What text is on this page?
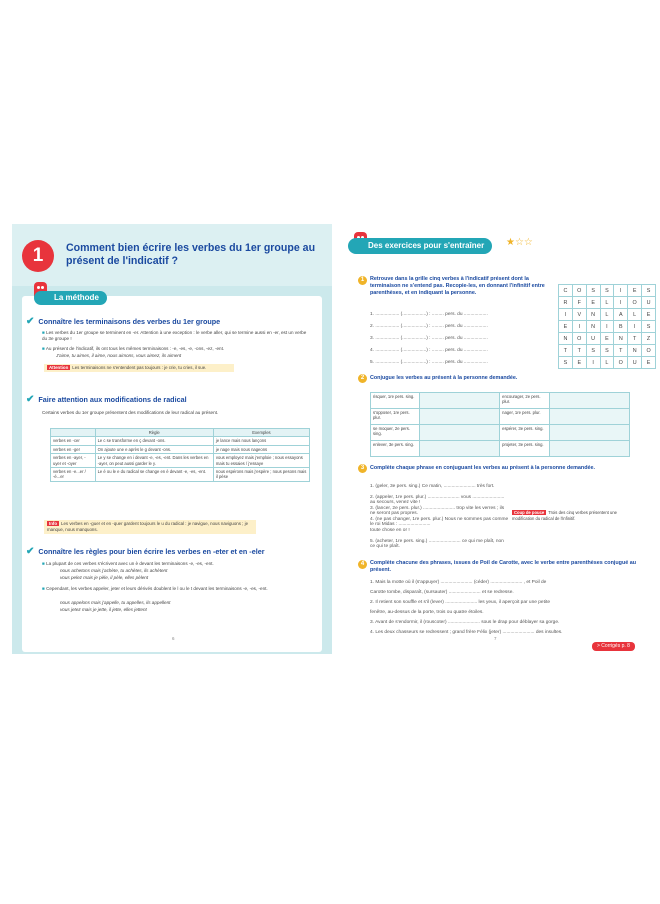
1	Comment bien écrire les verbes du 1er groupe au présent de l'indicatif ?
La méthode
✔ Connaître les terminaisons des verbes du 1er groupe
■ Les verbes du 1er groupe se terminent en -er. Attention à une exception : le verbe aller, qui se termine aussi en -er, est un verbe du 3e groupe !
■ Au présent de l'indicatif, ils ont tous les mêmes terminaisons : -e, -es, -e, -ons, -ez, -ent.
J'aime, tu aimes, il aime, nous aimons, vous aimez, ils aiment
Attention Les terminaisons ne s'entendent pas toujours : je crie, tu cries, il sue.
✔ Faire attention aux modifications de radical
Certains verbes du 1er groupe présentent des modifications de leur radical au présent.
	Règle	Exemples
verbes en -cer	Le c se transforme en ç devant -ons.	je lance mais nous lançons
verbes en -ger	On ajoute une e après le g devant -ons.	je nage mais nous nageons
verbes en -ayer, -uyer et -oyer	Le y se change en i devant -e, -es, -ent. Dans les verbes en -ayer, on peut aussi garder le y.	vous employez mais j'emploie ; nous essayons mais tu essaies / j'essaye
verbes en -e...er / -é...er	Le é ou le e du radical se change en è devant -e, -es, -ent.	nous espérons mais j'espère ; nous pesons mais il pèse
Info Les verbes en -guer et en -quer gardent toujours le u du radical : je navigue, nous naviguons ; je manque, nous manquons.
✔ Connaître les règles pour bien écrire les verbes en -eter et en -eler
■ La plupart de ces verbes s'écrivent avec un è devant les terminaisons -e, -es, -ent.
nous achetons mais j'achète, tu achètes, ils achètent
vous pelez mais je pèle, il pèle, elles pèlent
■ Cependant, les verbes appeler, jeter et leurs dérivés doublent le l ou le t devant les terminaisons -e, -es, -ent.
nous appelons mais j'appelle, tu appelles, ils appellent
vous jetez mais je jette, il jette, elles jettent
6
Des exercices pour s'entraîner	★☆☆
1	Retrouve dans la grille cinq verbes à l'indicatif présent dont la terminaison ne s'entend pas. Recopie-les, en donnant l'infinitif entre parenthèses, et en indiquant la personne.
1. .................. (..................) : ......... pers. du ..................
2. .................. (..................) : ......... pers. du ..................
3. .................. (..................) : ......... pers. du ..................
4. .................. (..................) : ......... pers. du ..................
5. .................. (..................) : ......... pers. du ..................
C	O	S	S	I	E	S
R	F	E	L	I	O	U
I	V	N	L	A	L	E
E	I	N	I	B	I	S
N	O	U	E	N	T	Z
T	T	S	S	T	N	O
S	E	I	L	O	U	E
2	Conjugue les verbes au présent à la personne demandée.
risquer, 1re pers. sing.		encourager, 2e pers. plur.	
s'opposer, 1re pers. plur.		nager, 1re pers. plur.	
se moquer, 2e pers. sing.		espérer, 3e pers. sing.	
enlever, 3e pers. sing.		projeter, 3e pers. sing.	
3	Complète chaque phrase en conjuguant les verbes au présent à la personne demandée.
1. (geler, 3e pers. sing.) Ce matin, ........................ très fort.
2. (appeler, 1re pers. plur.) ........................ vous ........................ au secours, venez vite !
3. (lancer, 2e pers. plur.) ........................ trop vite les verres ; ils ne seront pas propres.
4. (ne pas changer, 1re pers. plur.) Nous ne sommes pas comme le roi Midas : ........................
toute chose en or !
5. (acheter, 1re pers. sing.) ........................ ce qui me plaît, non ce qui te plaît.
Coup de pouce Trois des cinq verbes présentent une modification du radical de l'infinitif.
4	Complète chacune des phrases, issues de Poil de Carotte, avec le verbe entre parenthèses conjugué au présent.
1. Mais la motte où il (s'appuyer) ........................ (céder) ........................ , et Poil de
Carotte tombe, disparaît, (sursauter) ........................ et se redresse.
2. Il retient son souffle et s'il (lever) ........................ les yeux, il aperçoit par une petite
fenêtre, au-dessus de la porte, trois ou quatre étoiles.
3. Avant de s'endormir, il (rouscoter) ........................ sous le drap pour déblayer sa gorge.
4. Les deux chasseurs se redressent ; grand frère Félix (jeter) ........................ des insultes.
> Corrigés p. 8
7
